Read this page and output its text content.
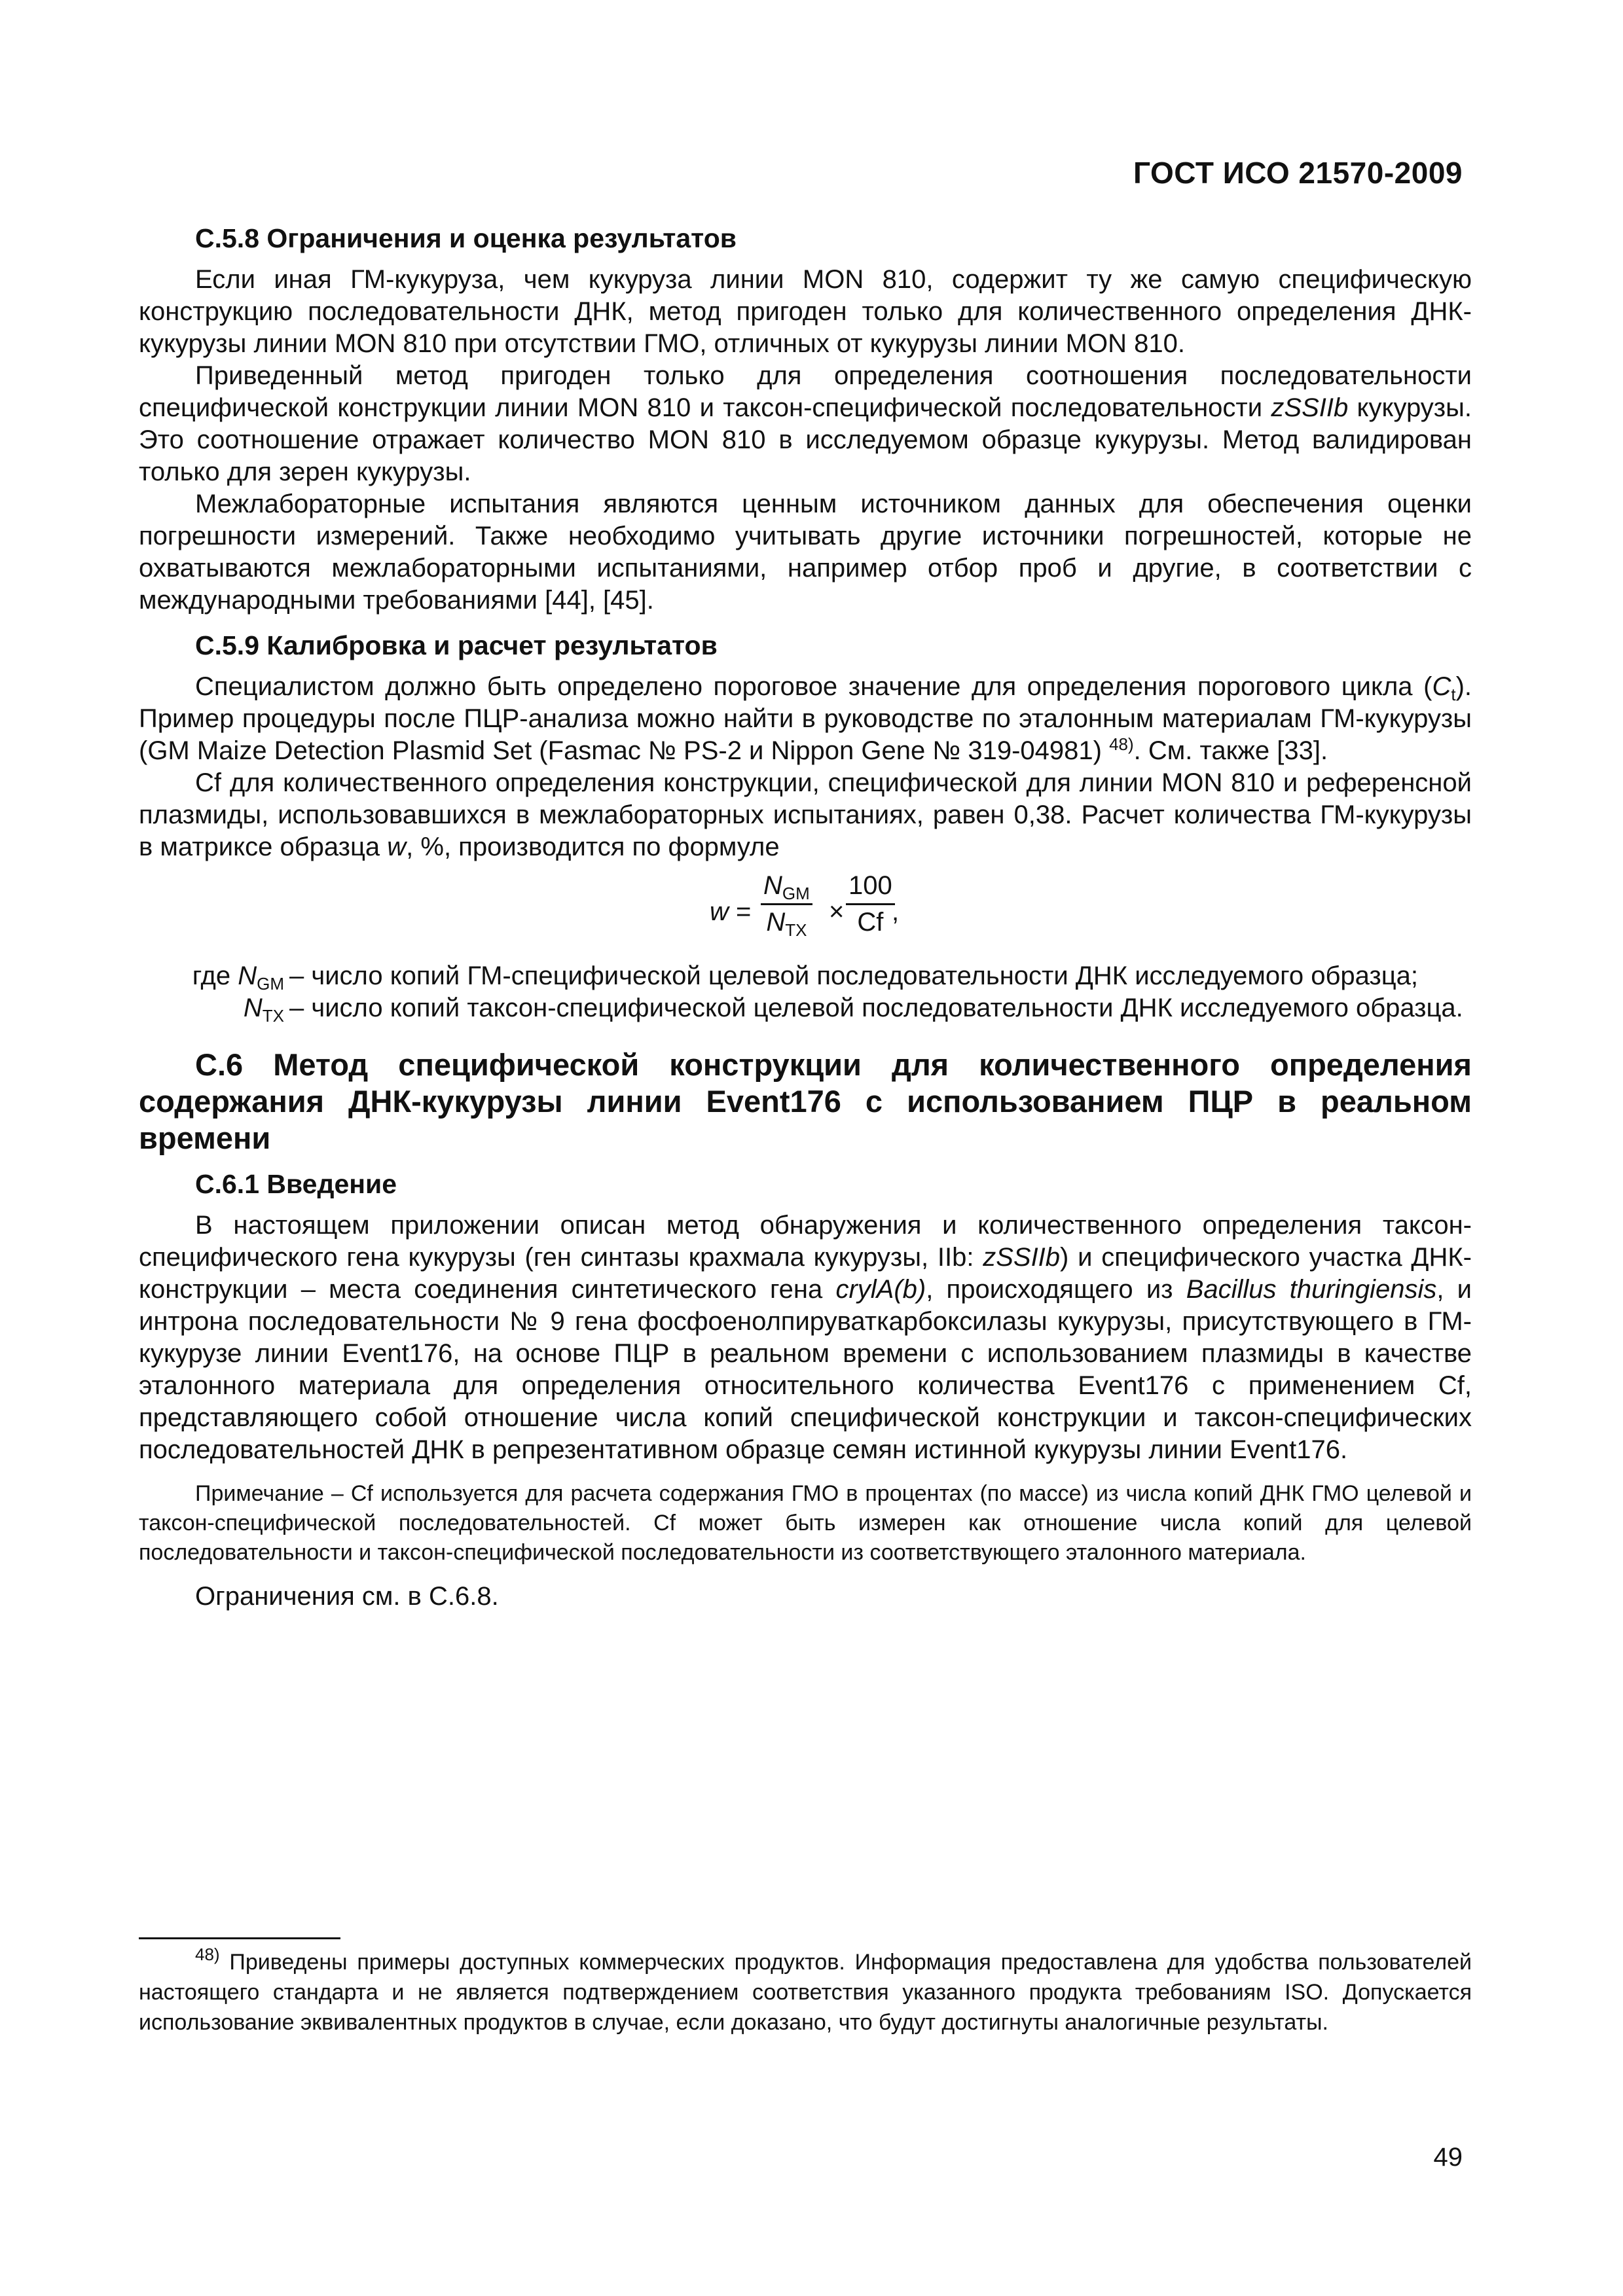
ГОСТ ИСО 21570-2009
С.5.8 Ограничения и оценка результатов

Если иная ГМ-кукуруза, чем кукуруза линии MON 810, содержит ту же самую специфическую конструкцию последовательности ДНК, метод пригоден только для количественного определения ДНК-кукурузы линии MON 810 при отсутствии ГМО, отличных от кукурузы линии MON 810.

Приведенный метод пригоден только для определения соотношения последовательности специфической конструкции линии MON 810 и таксон-специфической последовательности zSSIIb кукурузы. Это соотношение отражает количество MON 810 в исследуемом образце кукурузы. Метод валидирован только для зерен кукурузы.

Межлабораторные испытания являются ценным источником данных для обеспечения оценки погрешности измерений. Также необходимо учитывать другие источники погрешностей, которые не охватываются межлабораторными испытаниями, например отбор проб и другие, в соответствии с международными требованиями [44], [45].

С.5.9 Калибровка и расчет результатов

Специалистом должно быть определено пороговое значение для определения порогового цикла $(C_t)$. Пример процедуры после ПЦР-анализа можно найти в руководстве по эталонным материалам ГМ-кукурузы (GM Maize Detection Plasmid Set (Fasmac № PS-2 и Nippon Gene № 319-04981) $^{48)}$. См. также [33].

Cf для количественного определения конструкции, специфической для линии MON 810 и референсной плазмиды, использовавшихся в межлабораторных испытаниях, равен 0,38. Расчет количества ГМ-кукурузы в матриксе образца w, %, производится по формуле

w =
$N_{GM}$
$N_{TX}$
× $\frac{100}{Cf}$
,
где $N_{GM}$ – число копий ГМ-специфической целевой последовательности ДНК исследуемого образца;
$N_{TX}$ – число копий таксон-специфической целевой последовательности ДНК исследуемого образца.
С.6 Метод специфической конструкции для количественного определения содержания ДНК-кукурузы линии Event176 с использованием ПЦР в реальном времени
С.6.1 Введение

В настоящем приложении описан метод обнаружения и количественного определения таксон-специфического гена кукурузы (ген синтазы крахмала кукурузы, IIb: zSSIIb) и специфического участка ДНК-конструкции – места соединения синтетического гена crylA(b), происходящего из Bacillus thuringiensis, и интрона последовательности № 9 гена фосфоенолпируваткарбоксилазы кукурузы, присутствующего в ГМ-кукурузе линии Event176, на основе ПЦР в реальном времени с использованием плазмиды в качестве эталонного материала для определения относительного количества Event176 с применением Cf, представляющего собой отношение числа копий специфической конструкции и таксон-специфических последовательностей ДНК в репрезентативном образце семян истинной кукурузы линии Event176.

Примечание – Cf используется для расчета содержания ГМО в процентах (по массе) из числа копий ДНК ГМО целевой и таксон-специфической последовательностей. Cf может быть измерен как отношение числа копий для целевой последовательности и таксон-специфической последовательности из соответствующего эталонного материала.

Ограничения см. в С.6.8.

$^{48)}$ Приведены примеры доступных коммерческих продуктов. Информация предоставлена для удобства пользователей настоящего стандарта и не является подтверждением соответствия указанного продукта требованиям ISO. Допускается использование эквивалентных продуктов в случае, если доказано, что будут достигнуты аналогичные результаты.
49
